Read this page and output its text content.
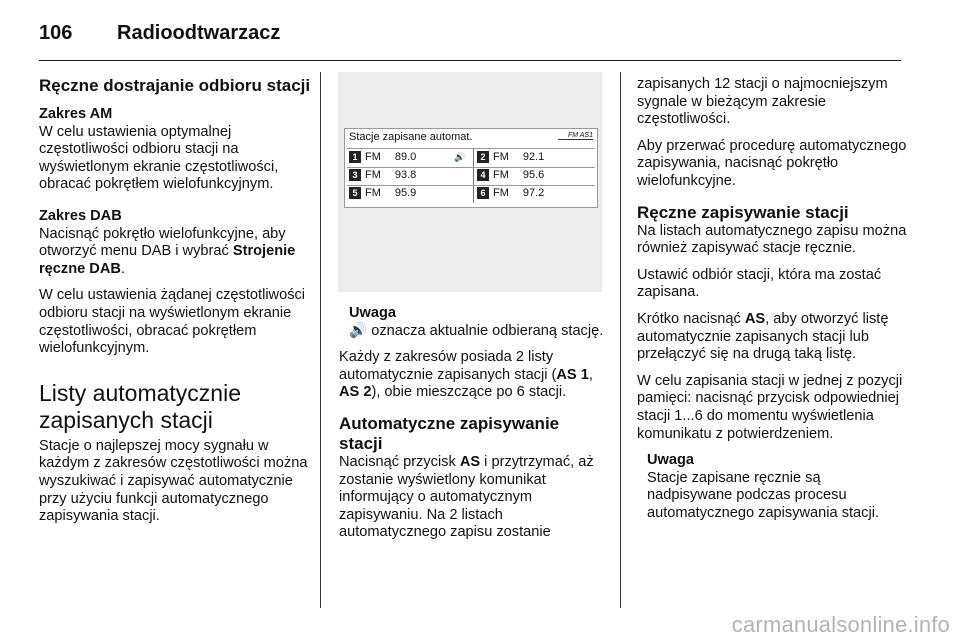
106 Radioodtwarzacz
Ręczne dostrajanie odbioru stacji
Zakres AM

W celu ustawienia optymalnej częstotliwości odbioru stacji na wyświetlonym ekranie częstotliwości, obracać pokrętłem wielofunkcyjnym.

Zakres DAB

Nacisnąć pokrętło wielofunkcyjne, aby otworzyć menu DAB i wybrać Strojenie ręczne DAB.

W celu ustawienia żądanej częstotliwości odbioru stacji na wyświetlonym ekranie częstotliwości, obracać pokrętłem wielofunkcyjnym.

Listy automatycznie zapisanych stacji

Stacje o najlepszej mocy sygnału w każdym z zakresów częstotliwości można wyszukiwać i zapisywać automatycznie przy użyciu funkcji automatycznego zapisywania stacji.

Stacje zapisane automat.	FM AS1
1 FM 89.0	🔊	2 FM 92.1
3 FM 93.8	4 FM 95.6
5 FM 95.9	6 FM 97.2
Uwaga

🔊 oznacza aktualnie odbieraną stację.

Każdy z zakresów posiada 2 listy automatycznie zapisanych stacji (AS 1, AS 2), obie mieszczące po 6 stacji.

Automatyczne zapisywanie stacji

Nacisnąć przycisk AS i przytrzymać, aż zostanie wyświetlony komunikat informujący o automatycznym zapisywaniu. Na 2 listach automatycznego zapisu zostanie

zapisanych 12 stacji o najmocniejszym sygnale w bieżącym zakresie częstotliwości.

Aby przerwać procedurę automatycznego zapisywania, nacisnąć pokrętło wielofunkcyjne.

Ręczne zapisywanie stacji

Na listach automatycznego zapisu można również zapisywać stacje ręcznie.

Ustawić odbiór stacji, która ma zostać zapisana.

Krótko nacisnąć AS, aby otworzyć listę automatycznie zapisanych stacji lub przełączyć się na drugą taką listę.

W celu zapisania stacji w jednej z pozycji pamięci: nacisnąć przycisk odpowiedniej stacji 1...6 do momentu wyświetlenia komunikatu z potwierdzeniem.

Uwaga

Stacje zapisane ręcznie są nadpisywane podczas procesu automatycznego zapisywania stacji.

carmanualsonline.info
